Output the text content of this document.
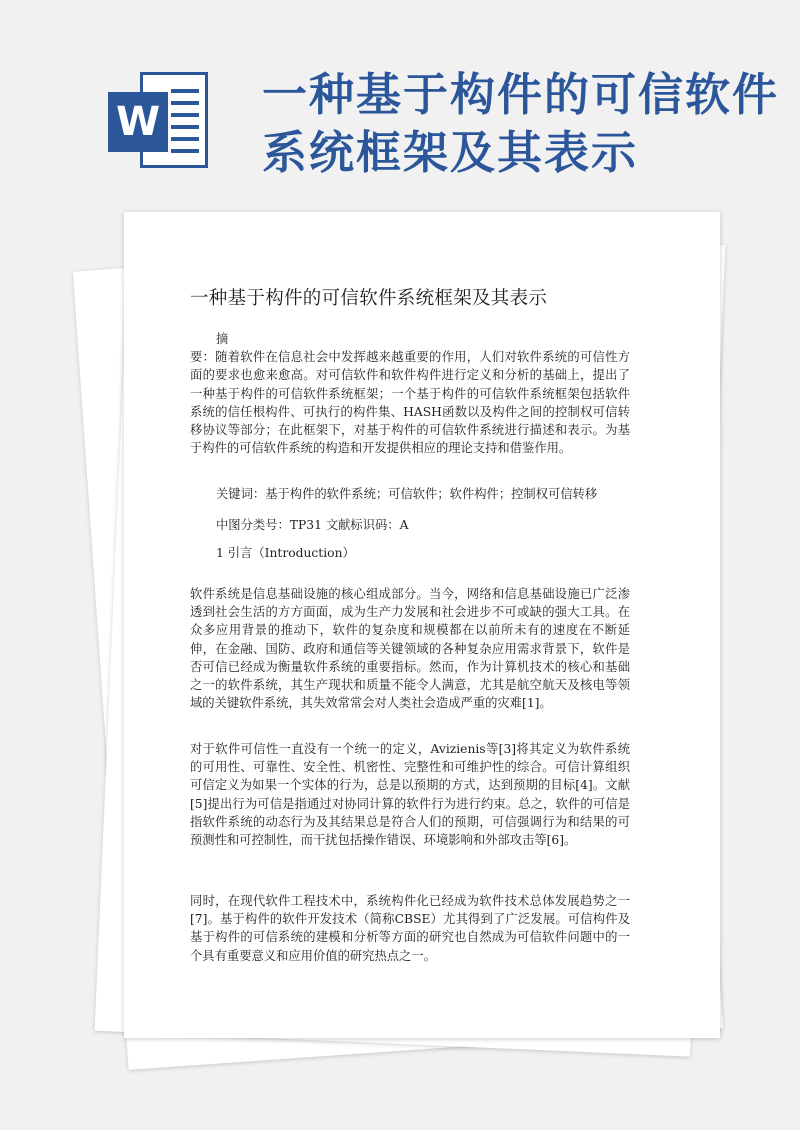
W
一种基于构件的可信软件系统框架及其表示
一种基于构件的可信软件系统框架及其表示

摘
要：随着软件在信息社会中发挥越来越重要的作用，人们对软件系统的可信性方面的要求也愈来愈高。对可信软件和软件构件进行定义和分析的基础上，提出了一种基于构件的可信软件系统框架；一个基于构件的可信软件系统框架包括软件系统的信任根构件、可执行的构件集、HASH函数以及构件之间的控制权可信转移协议等部分；在此框架下，对基于构件的可信软件系统进行描述和表示。为基于构件的可信软件系统的构造和开发提供相应的理论支持和借鉴作用。

关键词：基于构件的软件系统；可信软件；软件构件；控制权可信转移

中图分类号：TP31 文献标识码：A

1 引言（Introduction）

软件系统是信息基础设施的核心组成部分。当今，网络和信息基础设施已广泛渗透到社会生活的方方面面，成为生产力发展和社会进步不可或缺的强大工具。在众多应用背景的推动下，软件的复杂度和规模都在以前所未有的速度在不断延伸，在金融、国防、政府和通信等关键领域的各种复杂应用需求背景下，软件是否可信已经成为衡量软件系统的重要指标。然而，作为计算机技术的核心和基础之一的软件系统，其生产现状和质量不能令人满意，尤其是航空航天及核电等领域的关键软件系统，其失效常常会对人类社会造成严重的灾难[1]。

对于软件可信性一直没有一个统一的定义，Avizienis等[3]将其定义为软件系统的可用性、可靠性、安全性、机密性、完整性和可维护性的综合。可信计算组织可信定义为如果一个实体的行为，总是以预期的方式，达到预期的目标[4]。文献[5]提出行为可信是指通过对协同计算的软件行为进行约束。总之，软件的可信是指软件系统的动态行为及其结果总是符合人们的预期，可信强调行为和结果的可预测性和可控制性，而干扰包括操作错误、环境影响和外部攻击等[6]。

同时，在现代软件工程技术中，系统构件化已经成为软件技术总体发展趋势之一[7]。基于构件的软件开发技术（简称CBSE）尤其得到了广泛发展。可信构件及基于构件的可信系统的建模和分析等方面的研究也自然成为可信软件问题中的一个具有重要意义和应用价值的研究热点之一。
